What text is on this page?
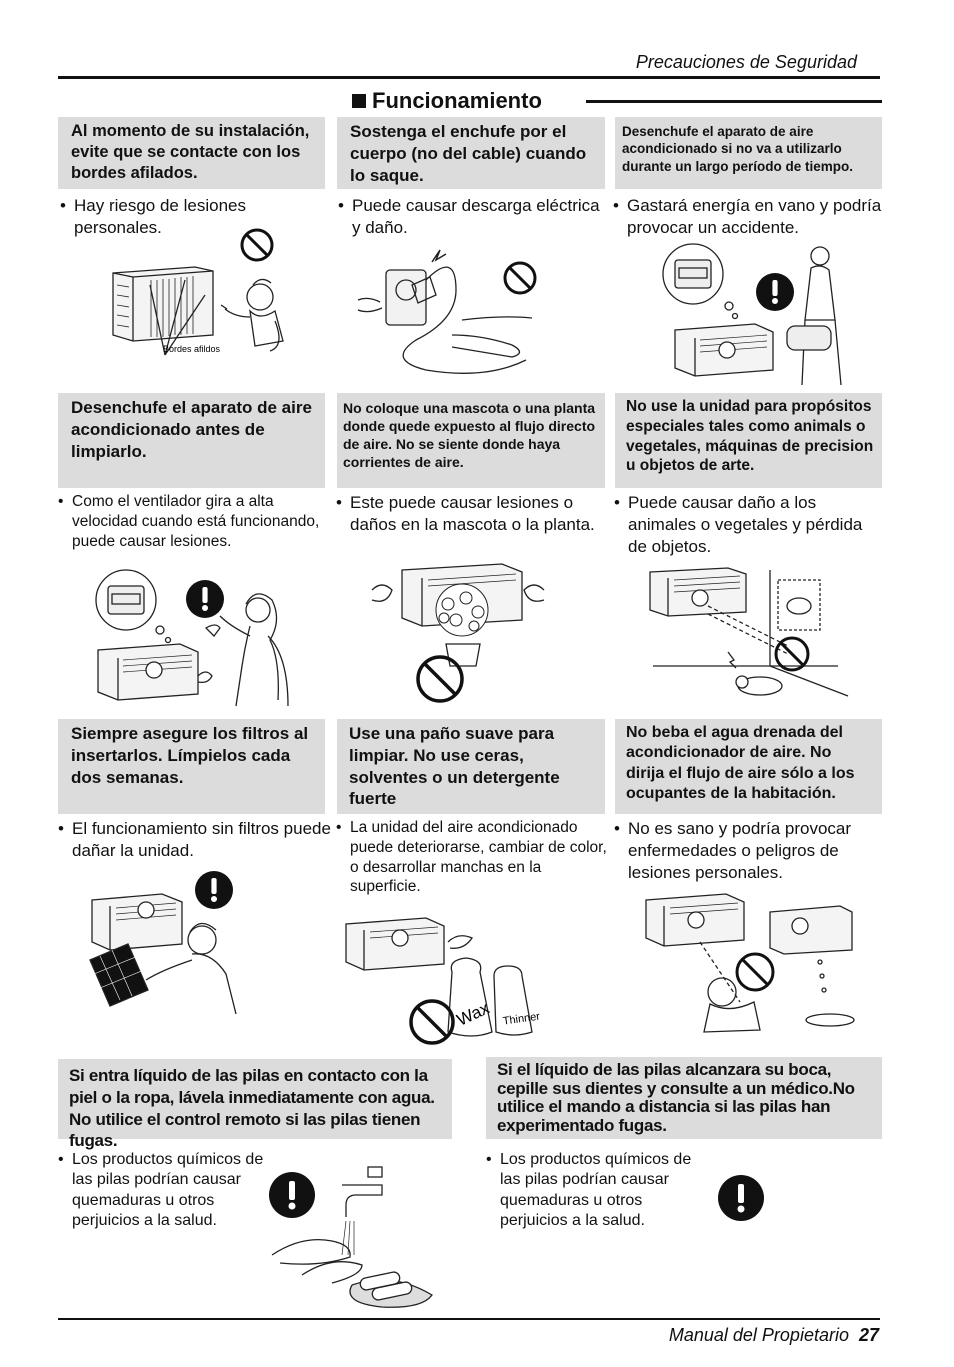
Precauciones de Seguridad
Funcionamiento
Al momento de su instalación, evite que se contacte con los bordes afilados.
Sostenga el enchufe por el cuerpo (no del cable) cuando lo saque.
Desenchufe el aparato de aire acondicionado si no va a utilizarlo durante un largo período de tiempo.
• Hay riesgo de lesiones personales.
• Puede causar descarga eléctrica y daño.
• Gastará energía en vano y podría provocar un accidente.
Bordes afildos
Desenchufe el aparato de aire acondicionado antes de limpiarlo.
No coloque una mascota o una planta donde quede expuesto al flujo directo de aire. No se siente donde haya corrientes de aire.
No use la unidad para propósitos especiales tales como animals o vegetales, máquinas de precision u objetos de arte.
• Como el ventilador gira a alta velocidad cuando está funcionando, puede causar lesiones.
• Este puede causar lesiones o daños en la mascota o la planta.
• Puede causar daño a los animales o vegetales y pérdida de objetos.
Siempre asegure los filtros al insertarlos. Límpielos cada dos semanas.
Use una paño suave para limpiar. No use ceras, solventes o un detergente fuerte
No beba el agua drenada del acondicionador de aire. No dirija el flujo de aire sólo a los ocupantes de la habitación.
• El funcionamiento sin filtros puede dañar la unidad.
• La unidad del aire acondicionado puede deteriorarse, cambiar de color, o desarrollar manchas en la superficie.
• No es sano y podría provocar enfermedades o peligros de lesiones personales.
Wax Thinner
Si entra líquido de las pilas en contacto con la piel o la ropa, lávela inmediatamente con agua. No utilice el control remoto si las pilas tienen fugas.
Si el líquido de las pilas alcanzara su boca, cepille sus dientes y consulte a un médico.No utilice el mando a distancia si las pilas han experimentado fugas.
• Los productos químicos de las pilas podrían causar quemaduras u otros perjuicios a la salud.
• Los productos químicos de las pilas podrían causar quemaduras u otros perjuicios a la salud.
Manual del Propietario 27
